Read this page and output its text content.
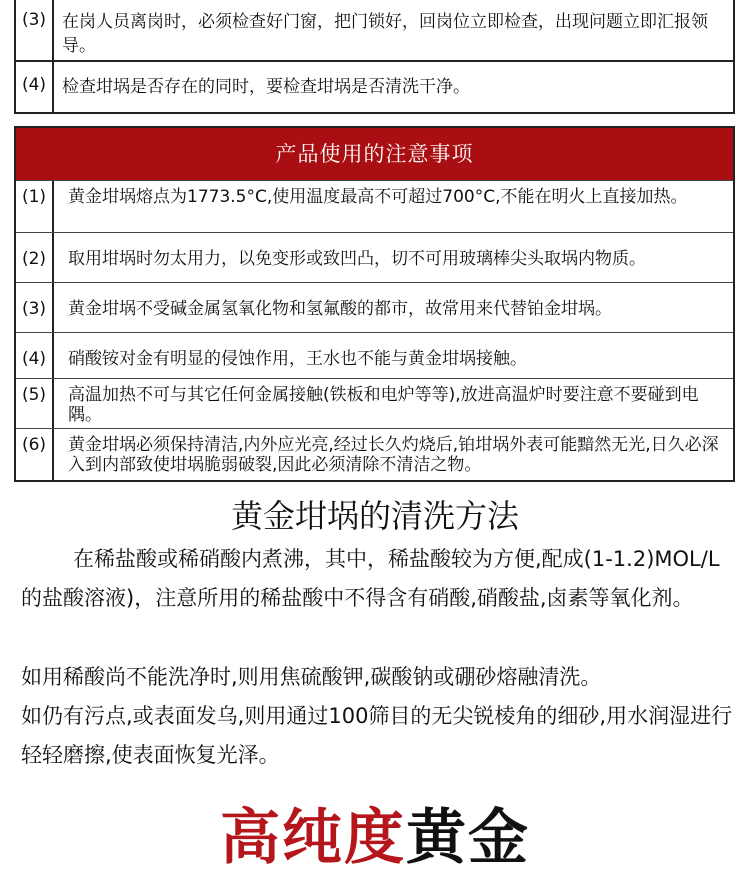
(3) 在岗人员离岗时，必须检查好门窗，把门锁好，回岗位立即检查，出现问题立即汇报领导。
(4) 检查坩埚是否存在的同时，要检查坩埚是否清洗干净。
产品使用的注意事项
(1)	黄金坩埚熔点为1773.5°C,使用温度最高不可超过700°C,不能在明火上直接加热。
(2)	取用坩埚时勿太用力，以免变形或致凹凸，切不可用玻璃棒尖头取埚内物质。
(3)	黄金坩埚不受碱金属氢氧化物和氢氟酸的都市，故常用来代替铂金坩埚。
(4)	硝酸铵对金有明显的侵蚀作用，王水也不能与黄金坩埚接触。
(5)	高温加热不可与其它任何金属接触(铁板和电炉等等),放进高温炉时要注意不要碰到电隅。
(6)	黄金坩埚必须保持清洁,内外应光亮,经过长久灼烧后,铂坩埚外表可能黯然无光,日久必深入到内部致使坩埚脆弱破裂,因此必须清除不清洁之物。
黄金坩埚的清洗方法
在稀盐酸或稀硝酸内煮沸，其中，稀盐酸较为方便,配成(1-1.2)MOL/L的盐酸溶液)，注意所用的稀盐酸中不得含有硝酸,硝酸盐,卤素等氧化剂。
如用稀酸尚不能洗净时,则用焦硫酸钾,碳酸钠或硼砂熔融清洗。
如仍有污点,或表面发乌,则用通过100筛目的无尖锐棱角的细砂,用水润湿进行轻轻磨擦,使表面恢复光泽。
高纯度黄金
